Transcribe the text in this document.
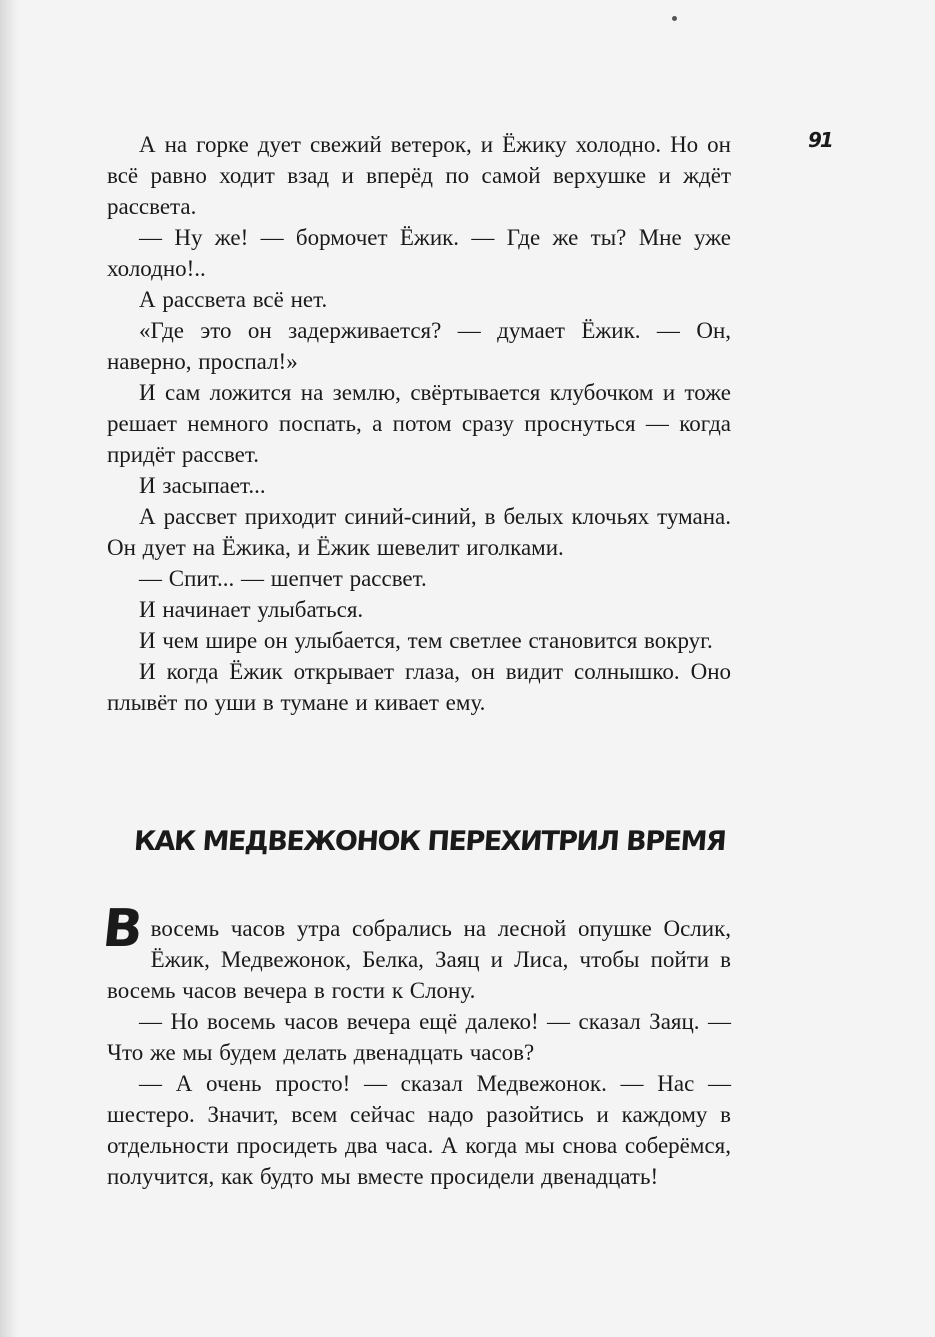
91

А на горке дует свежий ветерок, и Ёжику холодно. Но он всё равно ходит взад и вперёд по самой верхушке и ждёт рассвета.

— Ну же! — бормочет Ёжик. — Где же ты? Мне уже холодно!..

А рассвета всё нет.

«Где это он задерживается? — думает Ёжик. — Он, наверно, проспал!»

И сам ложится на землю, свёртывается клубочком и тоже решает немного поспать, а потом сразу проснуться — когда придёт рассвет.

И засыпает...

А рассвет приходит синий-синий, в белых клочьях тумана. Он дует на Ёжика, и Ёжик шевелит иголками.

— Спит... — шепчет рассвет.

И начинает улыбаться.

И чем шире он улыбается, тем светлее становится вокруг.

И когда Ёжик открывает глаза, он видит солнышко. Оно плывёт по уши в тумане и кивает ему.

КАК МЕДВЕЖОНОК ПЕРЕХИТРИЛ ВРЕМЯ

Ввосемь часов утра собрались на лесной опушке Ослик, Ёжик, Медвежонок, Белка, Заяц и Лиса, чтобы пойти в восемь часов вечера в гости к Слону.

— Но восемь часов вечера ещё далеко! — сказал Заяц. — Что же мы будем делать двенадцать часов?

— А очень просто! — сказал Медвежонок. — Нас — шестеро. Значит, всем сейчас надо разойтись и каждому в отдельности просидеть два часа. А когда мы снова соберёмся, получится, как будто мы вместе просидели двенадцать!
